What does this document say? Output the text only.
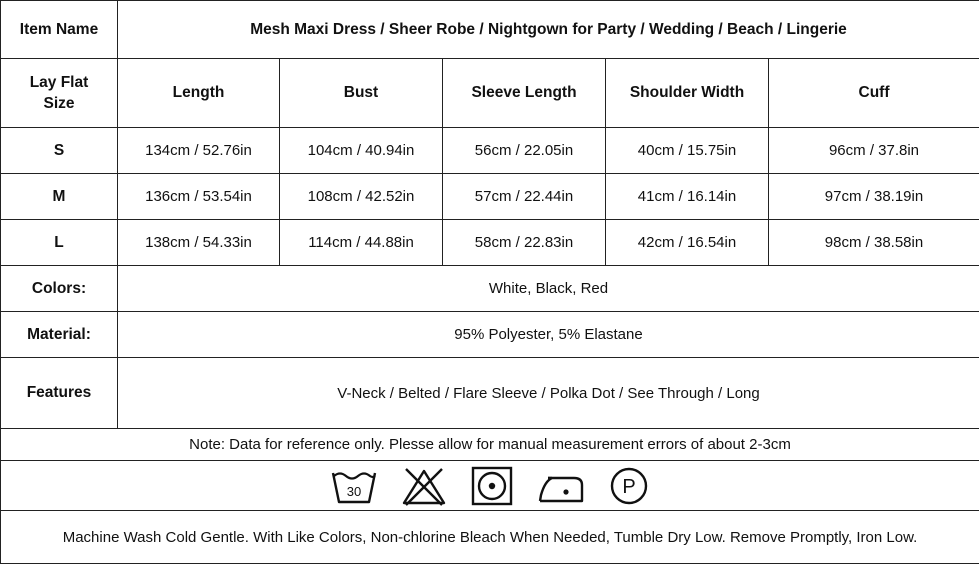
Item Name	Mesh Maxi Dress / Sheer Robe / Nightgown for Party / Wedding / Beach / Lingerie				
Lay Flat Size	Length	Bust	Sleeve Length	Shoulder Width	Cuff
S	134cm / 52.76in	104cm / 40.94in	56cm / 22.05in	40cm / 15.75in	96cm / 37.8in
M	136cm / 53.54in	108cm / 42.52in	57cm / 22.44in	41cm / 16.14in	97cm / 38.19in
L	138cm / 54.33in	114cm / 44.88in	58cm / 22.83in	42cm / 16.54in	98cm / 38.58in
Colors:	White, Black, Red				
Material:	95% Polyester, 5% Elastane				
Features	V-Neck / Belted / Flare Sleeve / Polka Dot / See Through / Long				
Note: Data for reference only. Plesse allow for manual measurement errors of about 2-3cm					

30 P					

Machine Wash Cold Gentle. With Like Colors, Non-chlorine Bleach When Needed, Tumble Dry Low. Remove Promptly, Iron Low.					
